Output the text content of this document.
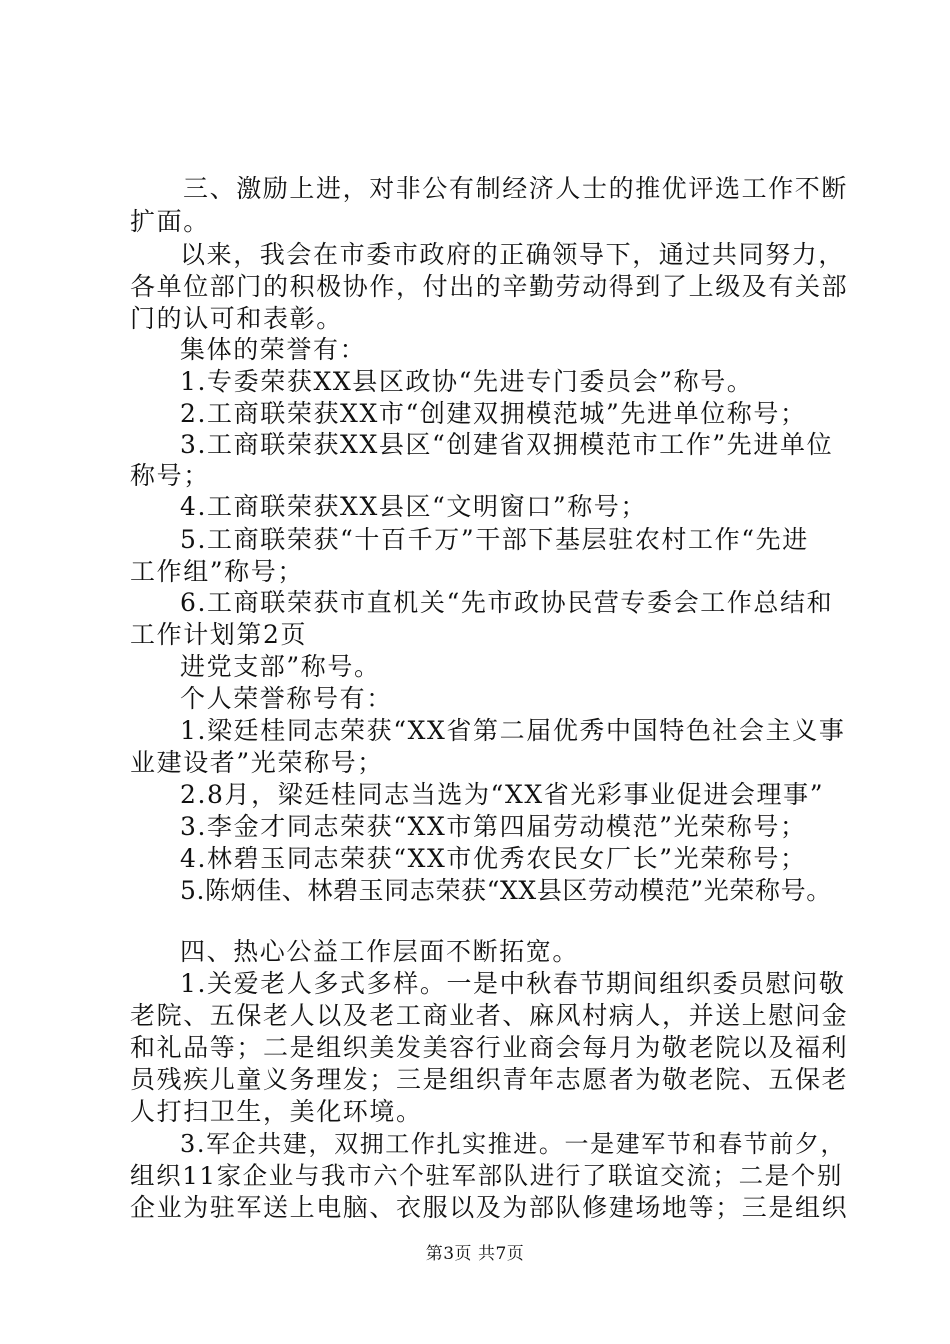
三、激励上进，对非公有制经济人士的推优评选工作不断
扩面。
以来，我会在市委市政府的正确领导下，通过共同努力，
各单位部门的积极协作，付出的辛勤劳动得到了上级及有关部
门的认可和表彰。
集体的荣誉有：
1.专委荣获XX县区政协“先进专门委员会”称号。
2.工商联荣获XX市“创建双拥模范城”先进单位称号；
3.工商联荣获XX县区“创建省双拥模范市工作”先进单位
称号；
4.工商联荣获XX县区“文明窗口”称号；
5.工商联荣获“十百千万”干部下基层驻农村工作“先进
工作组”称号；
6.工商联荣获市直机关“先市政协民营专委会工作总结和
工作计划第2页
进党支部”称号。
个人荣誉称号有：
1.梁廷桂同志荣获“XX省第二届优秀中国特色社会主义事
业建设者”光荣称号；
2.8月，梁廷桂同志当选为“XX省光彩事业促进会理事”
3.李金才同志荣获“XX市第四届劳动模范”光荣称号；
4.林碧玉同志荣获“XX市优秀农民女厂长”光荣称号；
5.陈炳佳、林碧玉同志荣获“XX县区劳动模范”光荣称号。
四、热心公益工作层面不断拓宽。
1.关爱老人多式多样。一是中秋春节期间组织委员慰问敬
老院、五保老人以及老工商业者、麻风村病人，并送上慰问金
和礼品等；二是组织美发美容行业商会每月为敬老院以及福利
员残疾儿童义务理发；三是组织青年志愿者为敬老院、五保老
人打扫卫生，美化环境。
3.军企共建，双拥工作扎实推进。一是建军节和春节前夕，
组织11家企业与我市六个驻军部队进行了联谊交流；二是个别
企业为驻军送上电脑、衣服以及为部队修建场地等；三是组织
第3页 共7页
